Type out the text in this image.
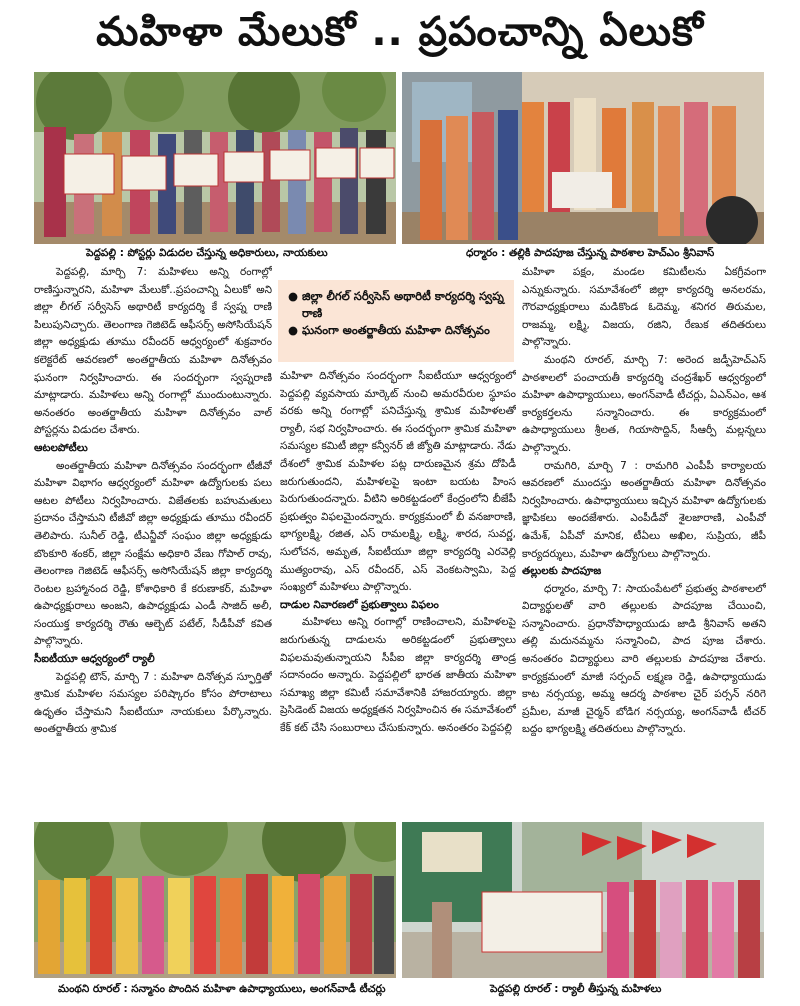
మహిళా మేలుకో .. ప్రపంచాన్ని ఏలుకో
పెద్దపల్లి : పోస్టర్లు విడుదల చేస్తున్న అధికారులు, నాయకులు	ధర్మారం : తల్లికి పాదపూజ చేస్తున్న పాఠశాల హెచ్‌ఎం శ్రీనివాస్

పెద్దపల్లి, మార్చి 7: మహిళలు అన్ని రంగాల్లో రాణిస్తున్నారని, మహిళా మేలుకో..ప్రపంచాన్ని ఏలుకో అని జిల్లా లీగల్ సర్వీసెస్ అథారిటీ కార్యదర్శి కే స్వప్న రాణి పిలుపునిచ్చారు. తెలంగాణ గెజిటెడ్ ఆఫీసర్స్ అసోసియేషన్ జిల్లా అధ్యక్షుడు తూము రవీందర్ ఆధ్వర్యంలో శుక్రవారం కలెక్టరేట్ ఆవరణలో అంతర్జాతీయ మహిళా దినోత్సవం ఘనంగా నిర్వహించారు. ఈ సందర్భంగా స్వప్నరాణి మాట్లాడారు. మహిళలు అన్ని రంగాల్లో ముందుంటున్నారు. అనంతరం అంతర్జాతీయ మహిళా దినోత్సవం వాల్ పోస్టర్లను విడుదల చేశారు.

ఆటలపోటీలు

అంతర్జాతీయ మహిళా దినోత్సవం సందర్భంగా టీజీవో మహిళా విభాగం ఆధ్వర్యంలో మహిళా ఉద్యోగులకు పలు ఆటల పోటీలు నిర్వహించారు. విజేతలకు బహుమతులు ప్రదానం చేస్తామని టీజీవో జిల్లా అధ్యక్షుడు తూము రవీందర్ తెలిపారు. సునీల్ రెడ్డి, టీఎన్జీవో సంఘం జిల్లా అధ్యక్షుడు బొంకూరి శంకర్, జిల్లా సంక్షేమ అధికారి వేణు గోపాల్ రావు, తెలంగాణ గెజిటెడ్ ఆఫీసర్స్ అసోసియేషన్ జిల్లా కార్యదర్శి రెంటల బ్రహ్మానంద రెడ్డి, కోశాధికారి కే కరుణాకర్, మహిళా ఉపాధ్యక్షురాలు అంజని, ఉపాధ్యక్షుడు ఎండీ సాజిద్ అలీ, సంయుక్త కార్యదర్శి రౌతు ఆల్బెట్ పటేల్, సీడీపీవో కవిత పాల్గొన్నారు.

సీఐటీయూ ఆధ్వర్యంలో ర్యాలీ

పెద్దపల్లి టౌన్, మార్చి 7 : మహిళా దినోత్సవ స్ఫూర్తితో శ్రామిక మహిళల సమస్యల పరిష్కారం కోసం పోరాటాలు ఉధృతం చేస్తామని సీఐటీయూ నాయకులు పేర్కొన్నారు. అంతర్జాతీయ శ్రామిక

● జిల్లా లీగల్ సర్వీసెస్ అథారిటీ కార్యదర్శి స్వప్న రాణి
● ఘనంగా అంతర్జాతీయ మహిళా దినోత్సవం

మహిళా దినోత్సవం సందర్భంగా సీఐటీయూ ఆధ్వర్యంలో పెద్దపల్లి వ్యవసాయ మార్కెట్ నుంచి అమరవీరుల స్థూపం వరకు అన్ని రంగాల్లో పనిచేస్తున్న శ్రామిక మహిళలతో ర్యాలీ, సభ నిర్వహించారు. ఈ సందర్భంగా శ్రామిక మహిళా సమస్యల కమిటీ జిల్లా కన్వీనర్ జీ జ్యోతి మాట్లాడారు. నేడు దేశంలో శ్రామిక మహిళల పట్ల దారుణమైన శ్రమ దోపిడీ జరుగుతుందని, మహిళలపై ఇంటా బయట హింస పెరుగుతుందన్నారు. వీటిని అరికట్టడంలో కేంద్రంలోని బీజేపీ ప్రభుత్వం విఫలమైందన్నారు. కార్యక్రమంలో బీ వనజారాణి, భాగ్యలక్ష్మి, రజిత, ఎస్ రామలక్ష్మి, లక్ష్మి, శారద, సువర్ణ, సులోచన, అమృత, సీఐటీయూ జిల్లా కార్యదర్శి ఎరవెల్లి ముత్యంరావు, ఎస్ రవీందర్, ఎస్ వెంకటస్వామి, పెద్ద సంఖ్యలో మహిళలు పాల్గొన్నారు.

దాడుల నివారణలో ప్రభుత్వాలు విఫలం

మహిళలు అన్ని రంగాల్లో రాణించాలని, మహిళలపై జరుగుతున్న దాడులను అరికట్టడంలో ప్రభుత్వాలు విఫలమవుతున్నాయని సీపీఐ జిల్లా కార్యదర్శి తాండ్ర సదానందం అన్నారు. పెద్దపల్లిలో భారత జాతీయ మహిళా సమాఖ్య జిల్లా కమిటీ సమావేశానికి హాజరయ్యారు. జిల్లా ప్రెసిడెంట్ విజయ అధ్యక్షతన నిర్వహించిన ఈ సమావేశంలో కేక్ కట్ చేసి సంబురాలు చేసుకున్నారు. అనంతరం పెద్దపల్లి

మహిళా పక్షం, మండల కమిటీలను ఏకగ్రీవంగా ఎన్నుకున్నారు. సమావేశంలో జిల్లా కార్యదర్శి అనలరమ, గౌరవాధ్యక్షురాలు మడికొండ ఓదెమ్మ, శనిగర తిరుమల, రాజమ్మ, లక్ష్మి, విజయ, రజిని, రేణుక తదితరులు పాల్గొన్నారు.

మంథని రూరల్, మార్చి 7: అరెంద జడ్పీహెచ్‌ఎస్ పాఠశాలలో పంచాయతీ కార్యదర్శి చంద్రశేఖర్ ఆధ్వర్యంలో మహిళా ఉపాధ్యాయులు, అంగన్‌వాడీ టీచర్లు, ఏఎన్‌ఎం, ఆశ కార్యకర్తలను సన్మానించారు. ఈ కార్యక్రమంలో ఉపాధ్యాయులు శ్రీలత, గియాసొద్దిన్, సీఆర్పీ మల్లన్నలు పాల్గొన్నారు.

రామగిరి, మార్చి 7 : రామగిరి ఎంపీపీ కార్యాలయ ఆవరణలో ముందస్తు అంతర్జాతీయ మహిళా దినోత్సవం నిర్వహించారు. ఉపాధ్యాయులు ఇచ్చిన మహిళా ఉద్యోగులకు జ్ఞాపికలు అందజేశారు. ఎంపీడీవో శైలజారాణి, ఎంపీవో ఉమేశ్, ఏపీవో మానిక, టీఏలు అఖిల, సుప్రియ, జీపీ కార్యదర్శులు, మహిళా ఉద్యోగులు పాల్గొన్నారు.

తల్లులకు పాదపూజ

ధర్మారం, మార్చి 7: సాయంపేటలో ప్రభుత్వ పాఠశాలలో విద్యార్థులతో వారి తల్లులకు పాదపూజ చేయించి, సన్మానించారు. ప్రధానోపాధ్యాయుడు జాడి శ్రీనివాస్ అతని తల్లి మదునమ్మను సన్మానించి, పాద పూజ చేశారు. అనంతరం విద్యార్థులు వారి తల్లులకు పాదపూజ చేశారు. కార్యక్రమంలో మాజీ సర్పంచ్ లక్ష్మణ రెడ్డి, ఉపాధ్యాయుడు కాట నర్సయ్య, అమ్మ ఆదర్శ పాఠశాల చైర్ పర్సన్ నరిగె ప్రమీల, మాజీ చైర్మన్ బోడిగ నర్సయ్య, అంగన్‌వాడీ టీచర్ బద్దం భాగ్యలక్ష్మి తదితరులు పాల్గొన్నారు.

మంథని రూరల్ : సన్మానం పొందిన మహిళా ఉపాధ్యాయులు, అంగన్‌వాడీ టీచర్లు	పెద్దపల్లి రూరల్ : ర్యాలీ తీస్తున్న మహిళలు
